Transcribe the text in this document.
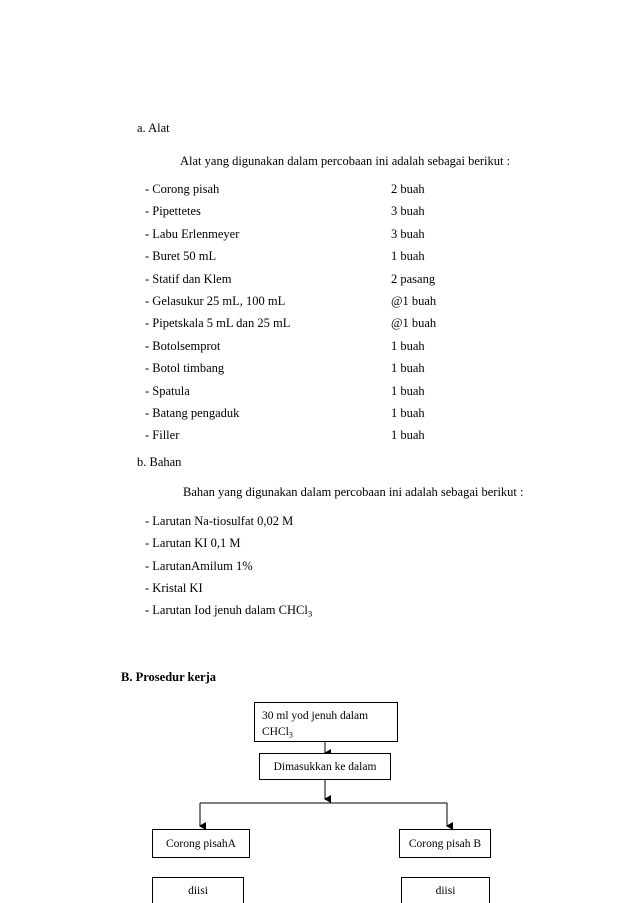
a. Alat
Alat yang digunakan dalam percobaan ini adalah sebagai berikut :
- Corong pisah	2 buah
- Pipettetes	3 buah
- Labu Erlenmeyer	3 buah
- Buret 50 mL	1 buah
- Statif dan Klem	2 pasang
- Gelasukur 25 mL, 100 mL	@1 buah
- Pipetskala 5 mL dan 25 mL	@1 buah
- Botolsemprot	1 buah
- Botol timbang	1 buah
- Spatula	1 buah
- Batang pengaduk	1 buah
- Filler	1 buah
b. Bahan
Bahan yang digunakan dalam percobaan ini adalah sebagai berikut :
- Larutan Na-tiosulfat 0,02 M
- Larutan KI 0,1 M
- LarutanAmilum 1%
- Kristal KI
- Larutan Iod jenuh dalam CHCl$_3$
B. Prosedur kerja
30 ml yod jenuh dalam
CHCl$_3$
Dimasukkan ke dalam
Corong pisahA	Corong pisah B
diisi	diisi
